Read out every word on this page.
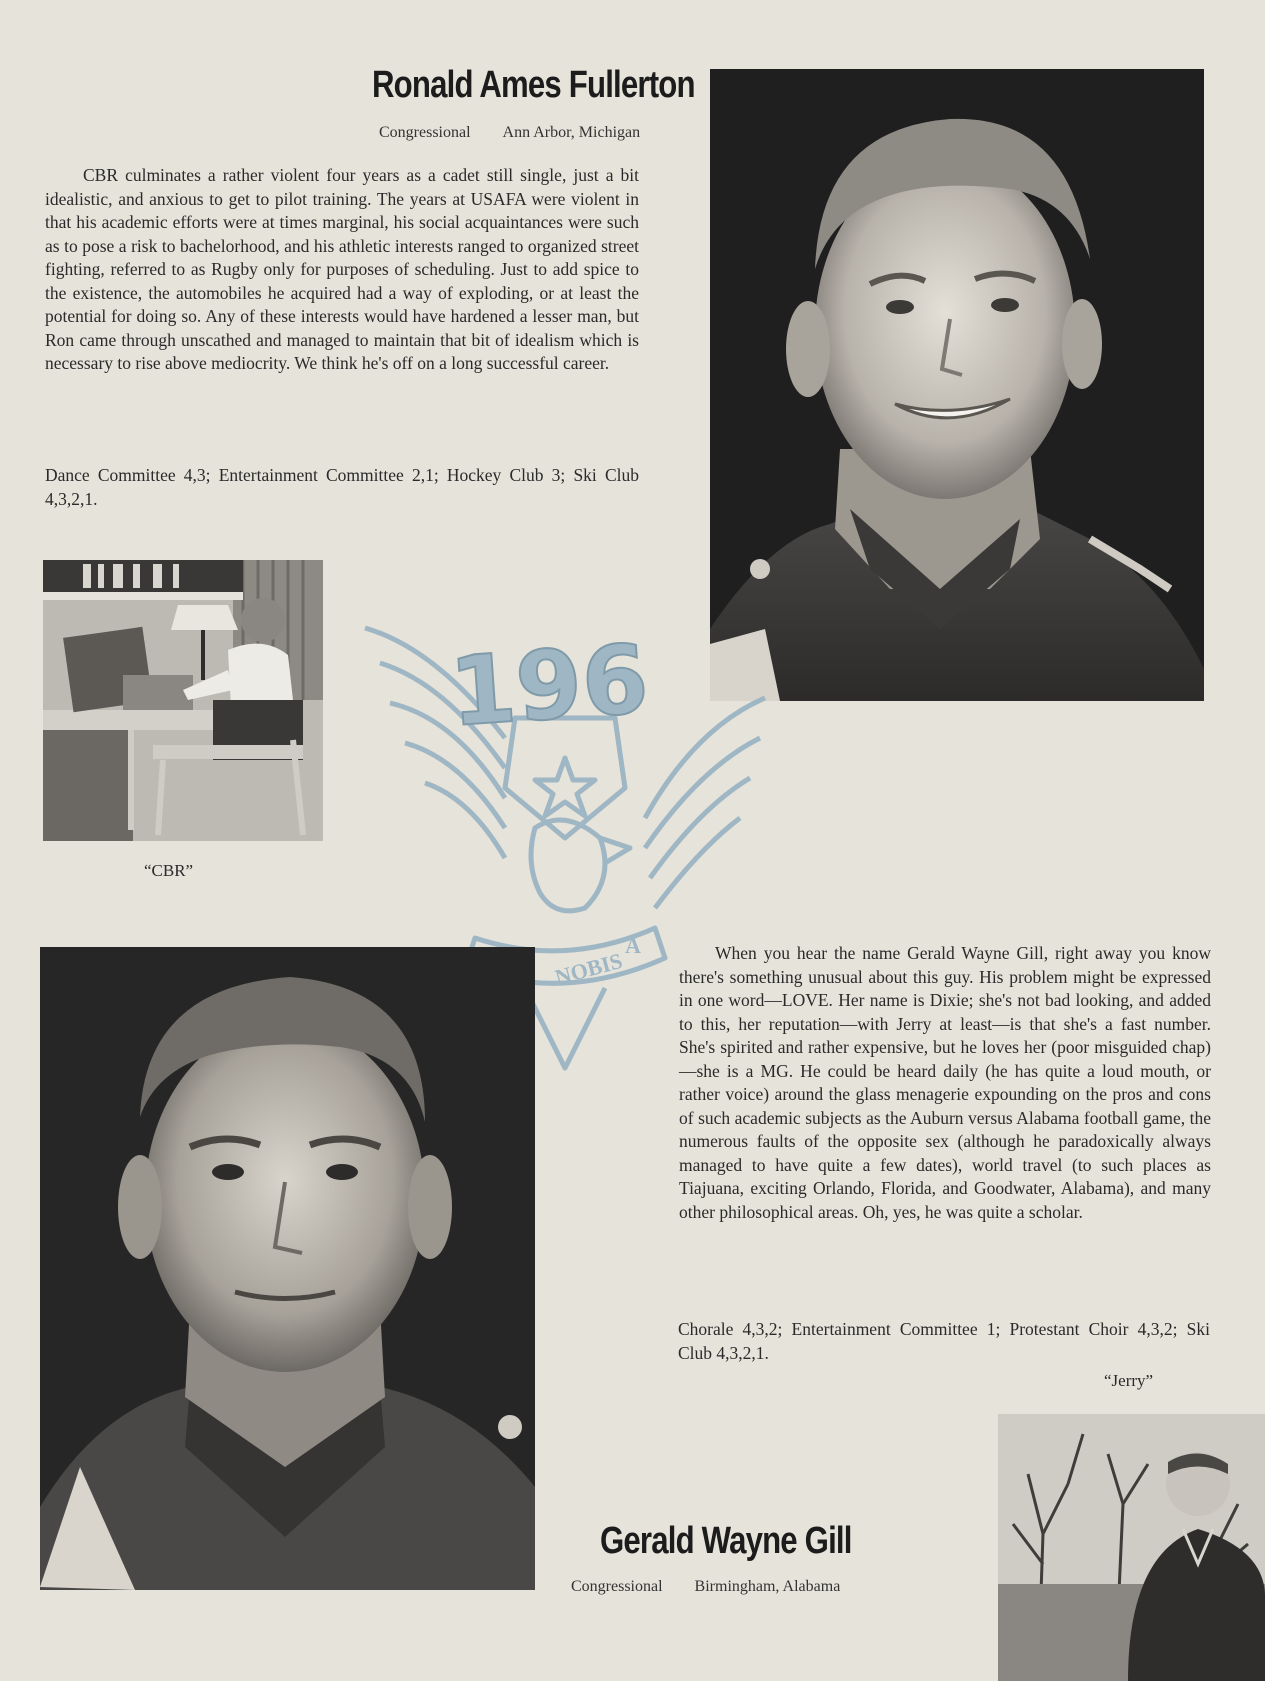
Ronald Ames Fullerton
Congressional Ann Arbor, Michigan

CBR culminates a rather violent four years as a cadet still single, just a bit idealistic, and anxious to get to pilot training. The years at USAFA were violent in that his academic efforts were at times marginal, his social acquaintances were such as to pose a risk to bachelorhood, and his athletic interests ranged to organized street fighting, referred to as Rugby only for purposes of scheduling. Just to add spice to the existence, the automobiles he acquired had a way of exploding, or at least the potential for doing so. Any of these interests would have hardened a lesser man, but Ron came through unscathed and managed to maintain that bit of idealism which is necessary to rise above mediocrity. We think he's off on a long successful career.

Dance Committee 4,3; Entertainment Committee 2,1; Hockey Club 3; Ski Club 4,3,2,1.
“CBR”
196
NOBIS
A	When you hear the name Gerald Wayne Gill, right away you know there's something unusual about this guy. His problem might be expressed in one word—LOVE. Her name is Dixie; she's not bad looking, and added to this, her reputation—with Jerry at least—is that she's a fast number. She's spirited and rather expensive, but he loves her (poor misguided chap)—she is a MG. He could be heard daily (he has quite a loud mouth, or rather voice) around the glass menagerie expounding on the pros and cons of such academic subjects as the Auburn versus Alabama football game, the numerous faults of the opposite sex (although he paradoxically always managed to have quite a few dates), world travel (to such places as Tiajuana, exciting Orlando, Florida, and Goodwater, Alabama), and many other philosophical areas. Oh, yes, he was quite a scholar.

Chorale 4,3,2; Entertainment Committee 1; Protestant Choir 4,3,2; Ski Club 4,3,2,1.
“Jerry”
Gerald Wayne Gill
Congressional Birmingham, Alabama
